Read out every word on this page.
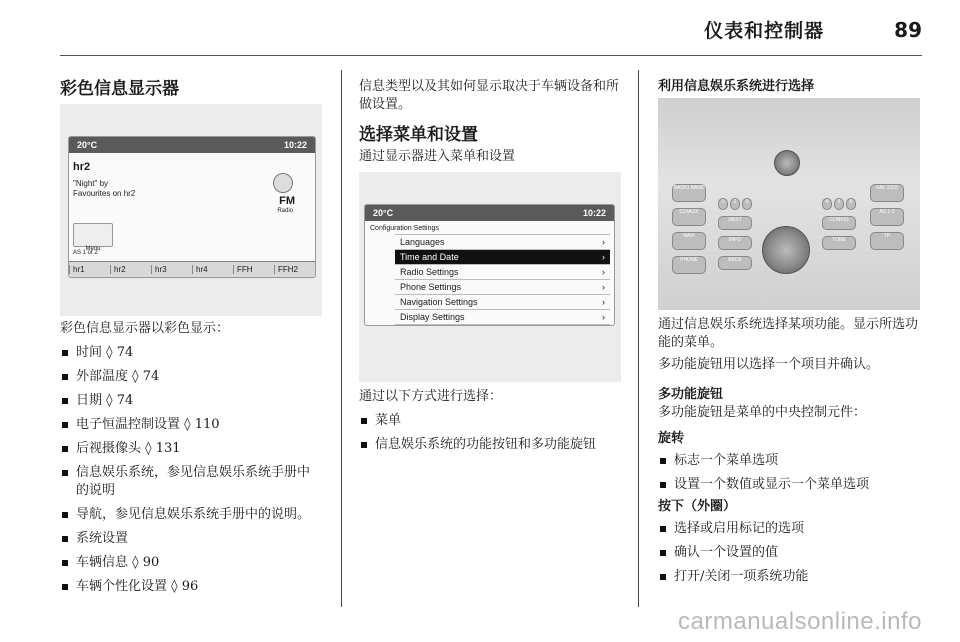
仪表和控制器	89
彩色信息显示器
20°C	10:22
hr2
"Night" by
Favourites on hr2
FM
Radio
Menu
AS 1 of 2
hr1	hr2	hr3	hr4	FFH	FFH2

彩色信息显示器以彩色显示：

时间 ◊ 74
外部温度 ◊ 74
日期 ◊ 74
电子恒温控制设置 ◊ 110
后视摄像头 ◊ 131
信息娱乐系统，参见信息娱乐系统手册中的说明
导航，参见信息娱乐系统手册中的说明。
系统设置
车辆信息 ◊ 90
车辆个性化设置 ◊ 96

信息类型以及其如何显示取决于车辆设备和所做设置。

选择菜单和设置

通过显示器进入菜单和设置

20°C	10:22
Configuration Settings
Languages	›
Time and Date	›
Radio Settings	›
Phone Settings	›
Navigation Settings	›
Display Settings	›

通过以下方式进行选择：

菜单
信息娱乐系统的功能按钮和多功能旋钮
利用信息娱乐系统进行选择
RADIO BAND
CD/AUX
NAVI
PHONE
DEST
INFO
BACK
CONFIG
TONE
FAV 1/2/3
AS 1-2
TP
1	2	3	4	5	6

通过信息娱乐系统选择某项功能。显示所选功能的菜单。

多功能旋钮用以选择一个项目并确认。

多功能旋钮

多功能旋钮是菜单的中央控制元件：

旋转
标志一个菜单选项
设置一个数值或显示一个菜单选项
按下（外圈）
选择或启用标记的选项
确认一个设置的值
打开/关闭一项系统功能
carmanualsonline.info
